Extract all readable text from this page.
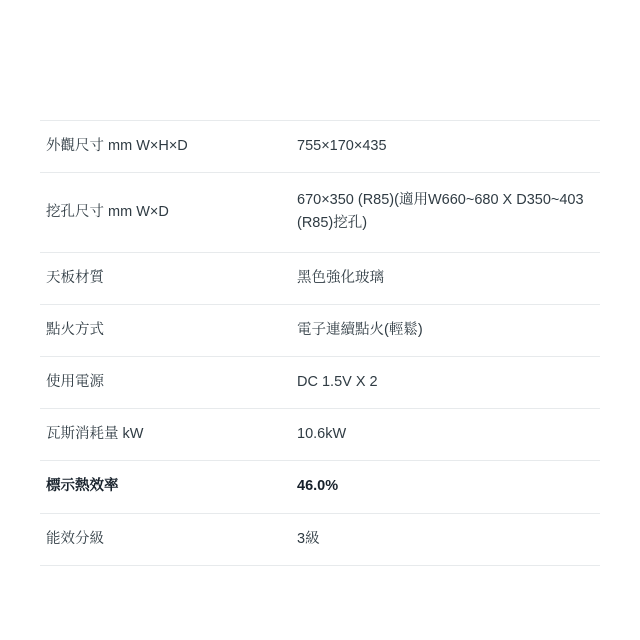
外觀尺寸 mm W×H×D	755×170×435
挖孔尺寸 mm W×D	670×350 (R85)(適用W660~680 X D350~403 (R85)挖孔)
天板材質	黑色強化玻璃
點火方式	電子連續點火(輕鬆)
使用電源	DC 1.5V X 2
瓦斯消耗量 kW	10.6kW
標示熱效率	46.0%
能效分級	3級
